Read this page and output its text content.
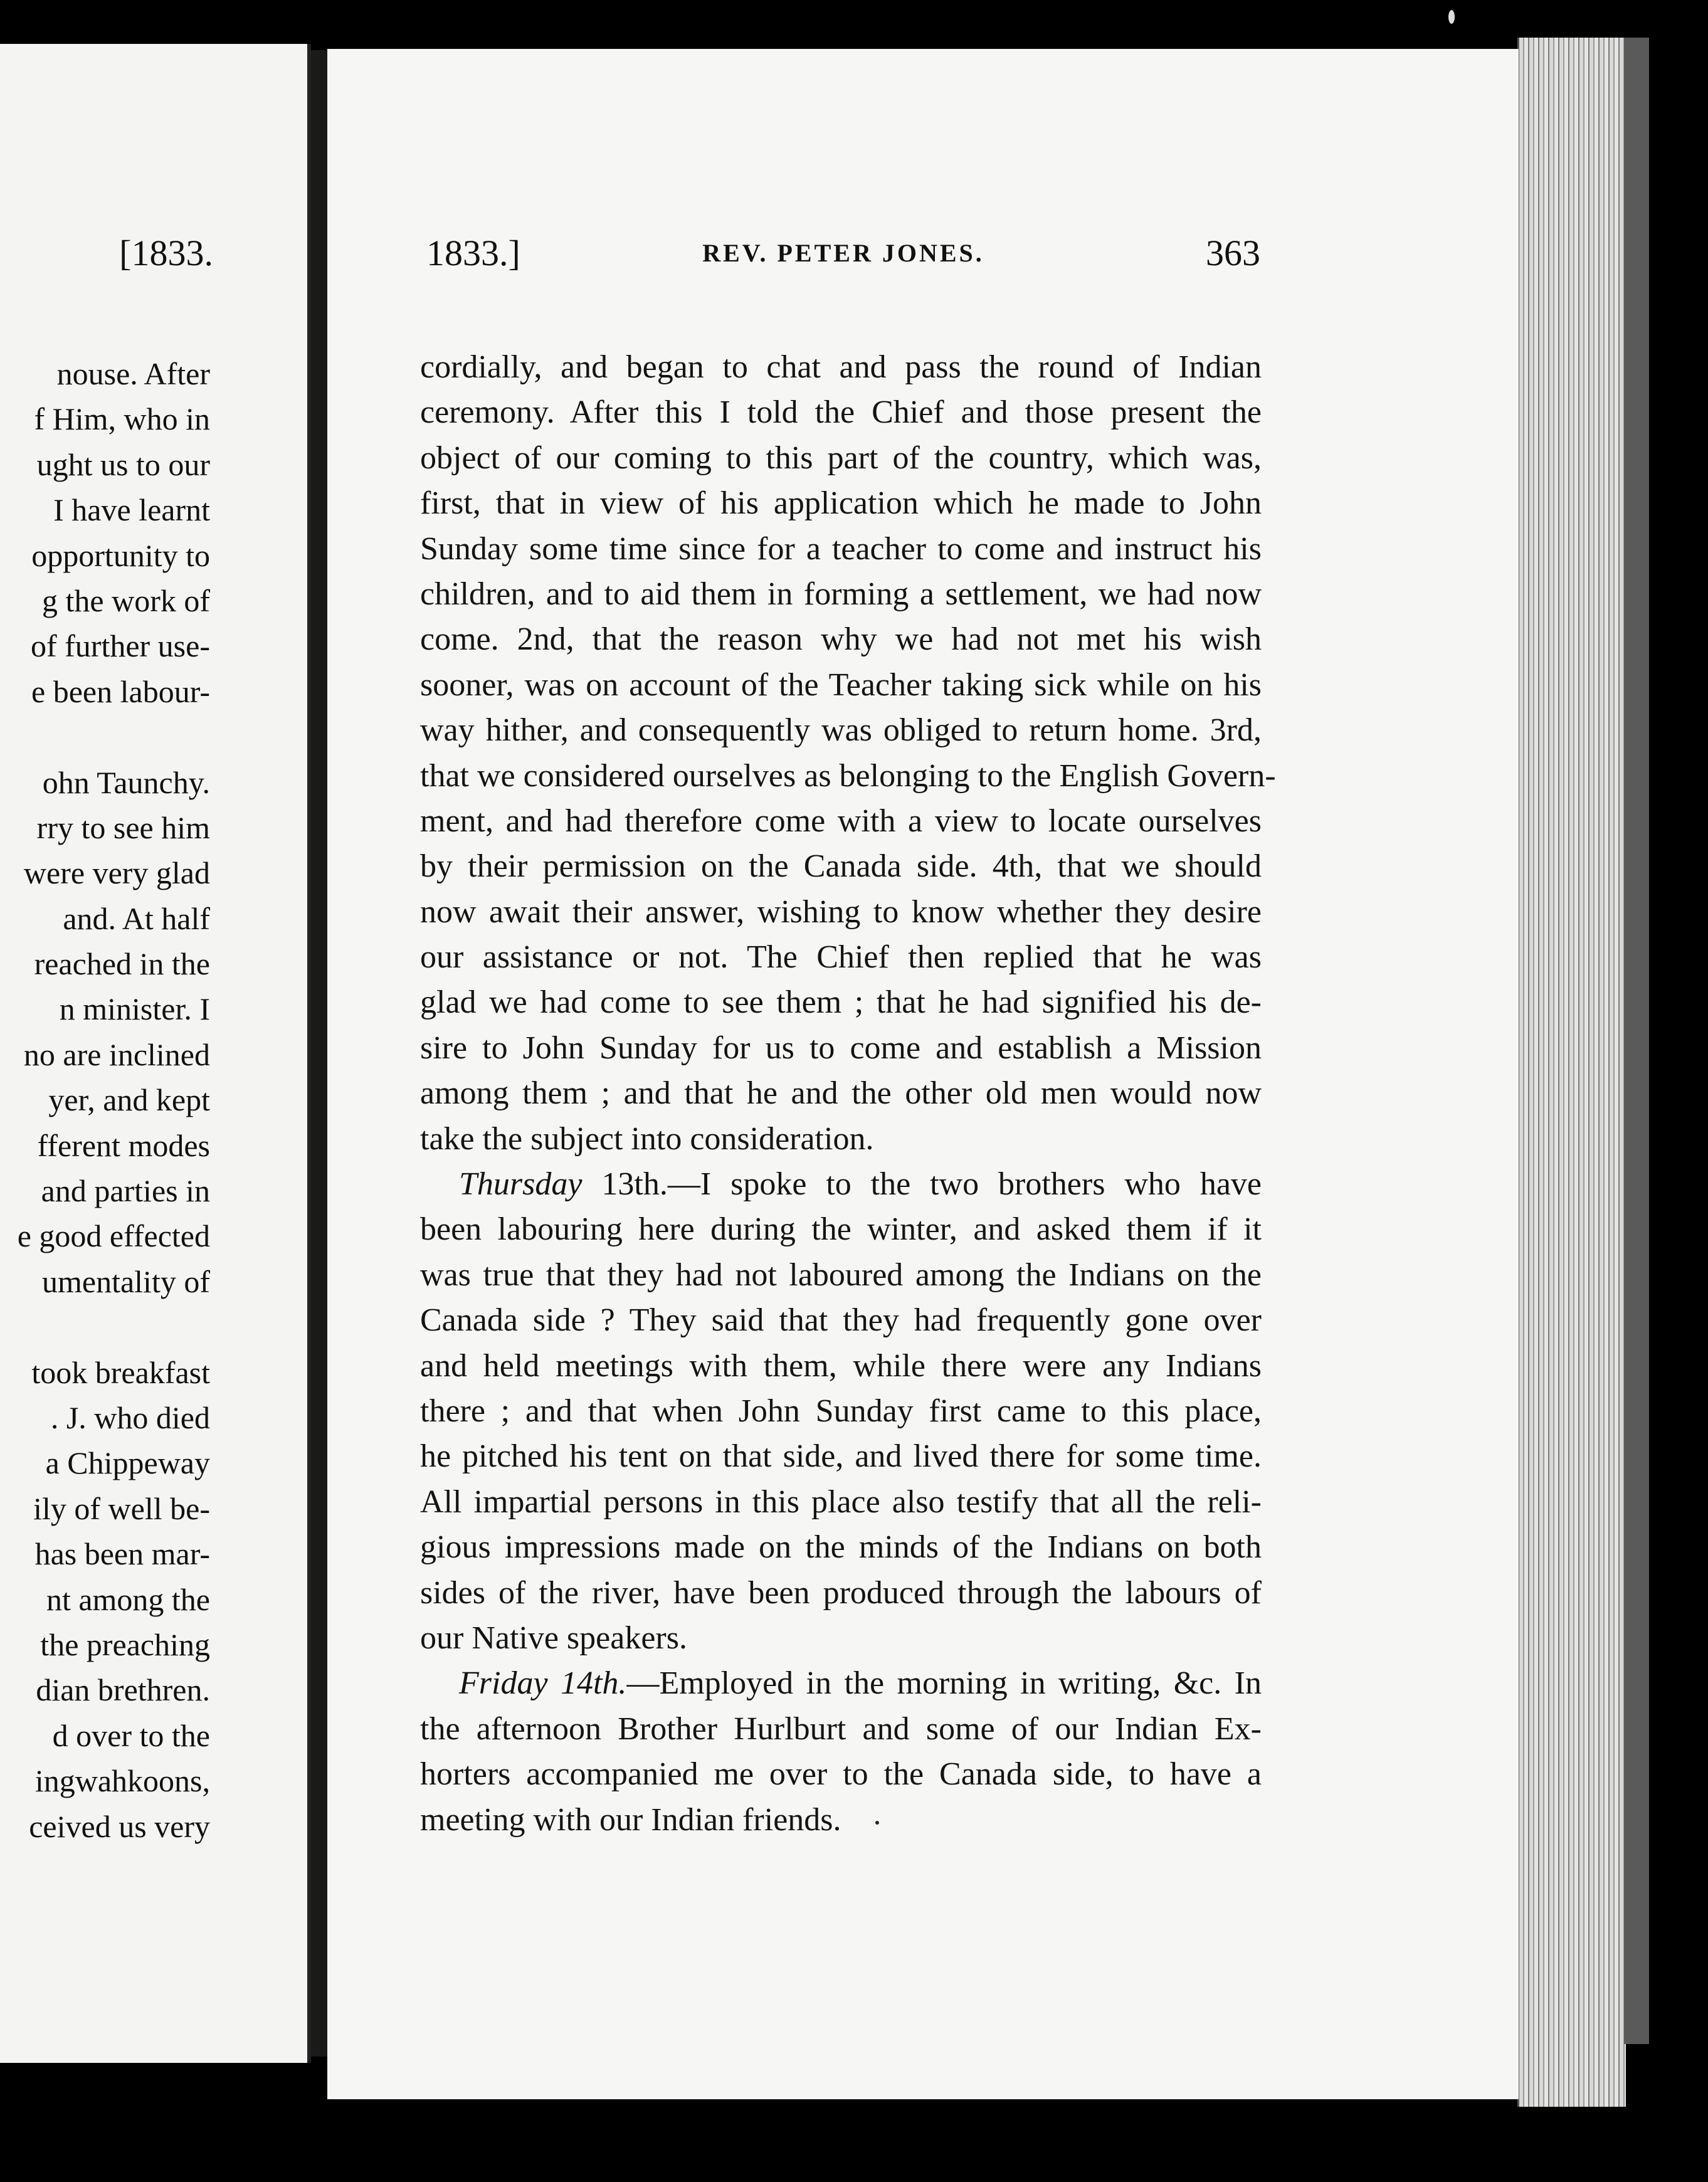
[1833.
nouse. After
f Him, who in
ught us to our
I have learnt
opportunity to
g the work of
of further use-
e been labour-
ohn Taunchy.
rry to see him
were very glad
and. At half
reached in the
n minister. I
no are inclined
yer, and kept
fferent modes
and parties in
e good effected
umentality of
took breakfast
. J. who died
a Chippeway
ily of well be-
has been mar-
nt among the
the preaching
dian brethren.
d over to the
ingwahkoons,
ceived us very
1833.]	REV. PETER JONES.	363
cordially, and began to chat and pass the round of Indian
ceremony. After this I told the Chief and those present the
object of our coming to this part of the country, which was,
first, that in view of his application which he made to John
Sunday some time since for a teacher to come and instruct his
children, and to aid them in forming a settlement, we had now
come. 2nd, that the reason why we had not met his wish
sooner, was on account of the Teacher taking sick while on his
way hither, and consequently was obliged to return home. 3rd,
that we considered ourselves as belonging to the English Govern-
ment, and had therefore come with a view to locate ourselves
by their permission on the Canada side. 4th, that we should
now await their answer, wishing to know whether they desire
our assistance or not. The Chief then replied that he was
glad we had come to see them ; that he had signified his de-
sire to John Sunday for us to come and establish a Mission
among them ; and that he and the other old men would now
take the subject into consideration.
Thursday 13th.—I spoke to the two brothers who have
been labouring here during the winter, and asked them if it
was true that they had not laboured among the Indians on the
Canada side ? They said that they had frequently gone over
and held meetings with them, while there were any Indians
there ; and that when John Sunday first came to this place,
he pitched his tent on that side, and lived there for some time.
All impartial persons in this place also testify that all the reli-
gious impressions made on the minds of the Indians on both
sides of the river, have been produced through the labours of
our Native speakers.
Friday 14th.—Employed in the morning in writing, &c. In
the afternoon Brother Hurlburt and some of our Indian Ex-
horters accompanied me over to the Canada side, to have a
meeting with our Indian friends.
